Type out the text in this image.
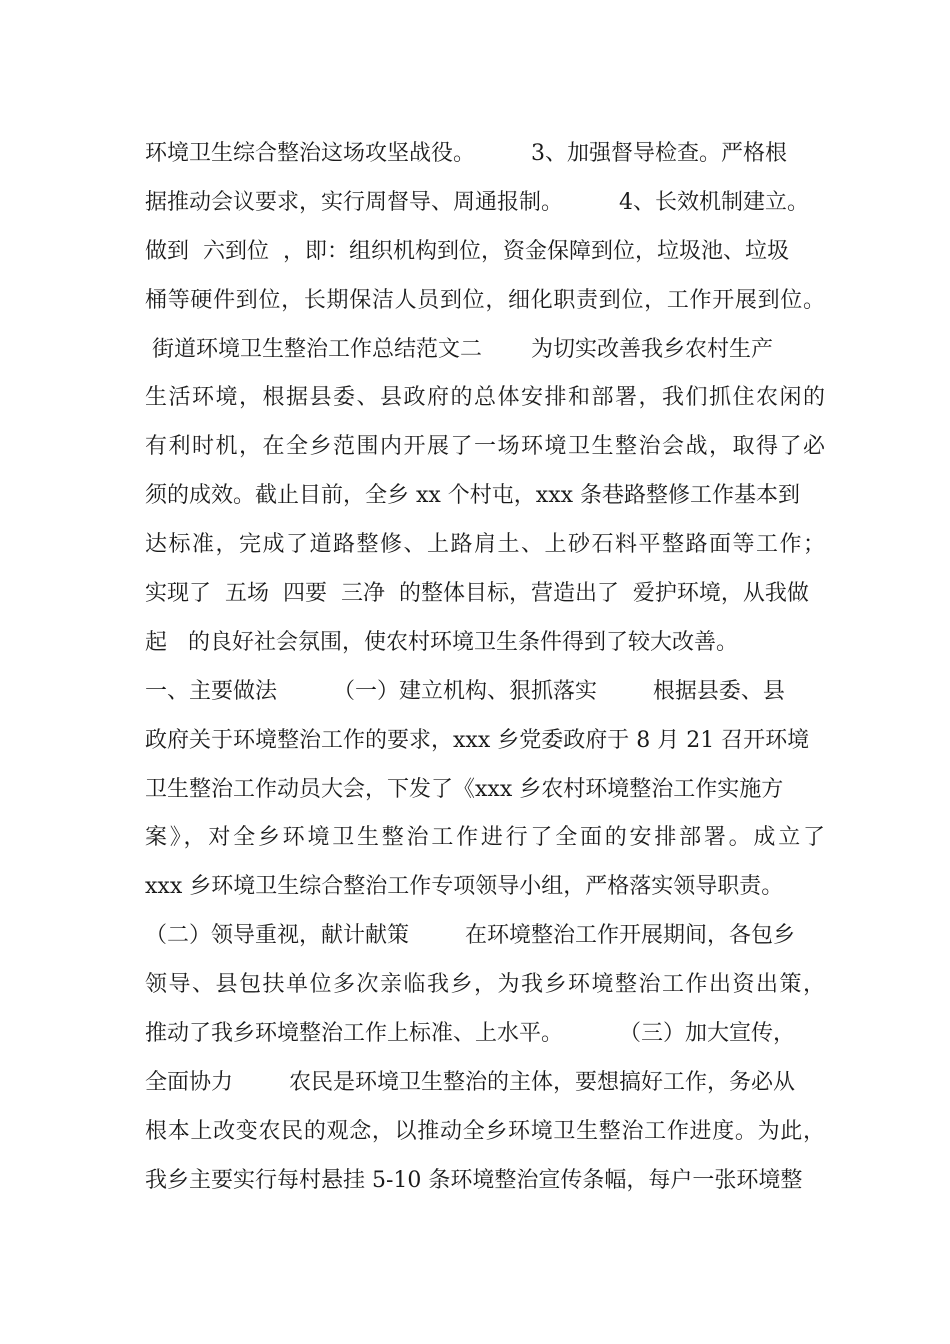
环境卫生综合整治这场攻坚战役。        3、加强督导检查。严格根
据推动会议要求，实行周督导、周通报制。        4、长效机制建立。
做到  六到位  ，即：组织机构到位，资金保障到位，垃圾池、垃圾
桶等硬件到位，长期保洁人员到位，细化职责到位，工作开展到位。
街道环境卫生整治工作总结范文二       为切实改善我乡农村生产
生活环境，根据县委、县政府的总体安排和部署，我们抓住农闲的
有利时机，在全乡范围内开展了一场环境卫生整治会战，取得了必
须的成效。截止目前，全乡 xx 个村屯，xxx 条巷路整修工作基本到
达标准，完成了道路整修、上路肩土、上砂石料平整路面等工作；
实现了  五场  四要  三净  的整体目标，营造出了  爱护环境，从我做
起   的良好社会氛围，使农村环境卫生条件得到了较大改善。
一、主要做法        （一）建立机构、狠抓落实        根据县委、县
政府关于环境整治工作的要求，xxx 乡党委政府于 8 月 21 召开环境
卫生整治工作动员大会，下发了《xxx 乡农村环境整治工作实施方
案》，对全乡环境卫生整治工作进行了全面的安排部署。成立了
xxx 乡环境卫生综合整治工作专项领导小组，严格落实领导职责。
（二）领导重视，献计献策        在环境整治工作开展期间，各包乡
领导、县包扶单位多次亲临我乡，为我乡环境整治工作出资出策，
推动了我乡环境整治工作上标准、上水平。        （三）加大宣传，
全面协力        农民是环境卫生整治的主体，要想搞好工作，务必从
根本上改变农民的观念，以推动全乡环境卫生整治工作进度。为此，
我乡主要实行每村悬挂 5-10 条环境整治宣传条幅，每户一张环境整
